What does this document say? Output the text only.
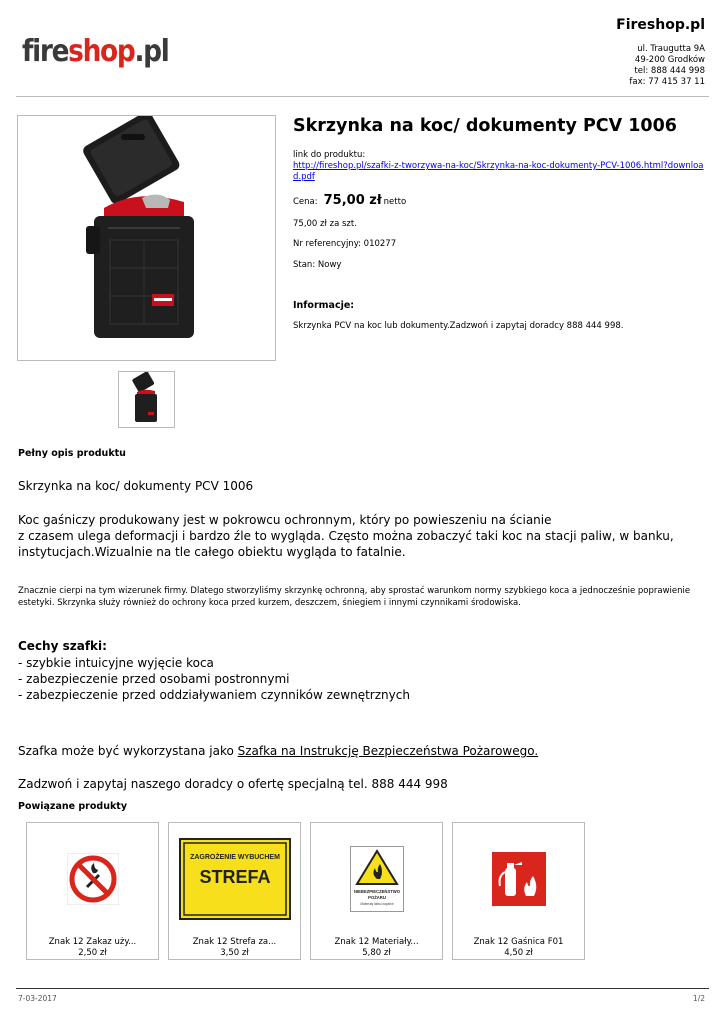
fireshop.pl
Fireshop.pl
ul. Traugutta 9A
49-200 Grodków
tel: 888 444 998
fax: 77 415 37 11
Skrzynka na koc/ dokumenty PCV 1006
link do produktu:
http://fireshop.pl/szafki-z-tworzywa-na-koc/Skrzynka-na-koc-dokumenty-PCV-1006.html?download.pdf
Cena: 75,00 zł netto
75,00 zł za szt.
Nr referencyjny: 010277
Stan: Nowy
Informacje:
Skrzynka PCV na koc lub dokumenty.Zadzwoń i zapytaj doradcy 888 444 998.
Pełny opis produktu
Skrzynka na koc/ dokumenty PCV 1006
Koc gaśniczy produkowany jest w pokrowcu ochronnym, który po powieszeniu na ścianie
z czasem ulega deformacji i bardzo źle to wygląda. Często można zobaczyć taki koc na stacji paliw, w banku,
instytucjach.Wizualnie na tle całego obiektu wygląda to fatalnie.
Znacznie cierpi na tym wizerunek firmy. Dlatego stworzyliśmy skrzynkę ochronną, aby sprostać warunkom normy szybkiego koca a jednocześnie poprawienie estetyki. Skrzynka służy również do ochrony koca przed kurzem, deszczem, śniegiem i innymi czynnikami środowiska.
Cechy szafki:
- szybkie intuicyjne wyjęcie koca
- zabezpieczenie przed osobami postronnymi
- zabezpieczenie przed oddziaływaniem czynników zewnętrznych
Szafka może być wykorzystana jako Szafka na Instrukcję Bezpieczeństwa Pożarowego.
Zadzwoń i zapytaj naszego doradcy o ofertę specjalną tel. 888 444 998
Powiązane produkty
Znak 12 Zakaz uży...
2,50 zł
ZAGROŻENIE WYBUCHEM
STREFA
Znak 12 Strefa za...
3,50 zł
NIEBEZPIECZEŃSTWO
POŻARU
Materiały łatwo zapalne
Znak 12 Materiały...
5,80 zł
Znak 12 Gaśnica F01
4,50 zł
7-03-2017	1/2
